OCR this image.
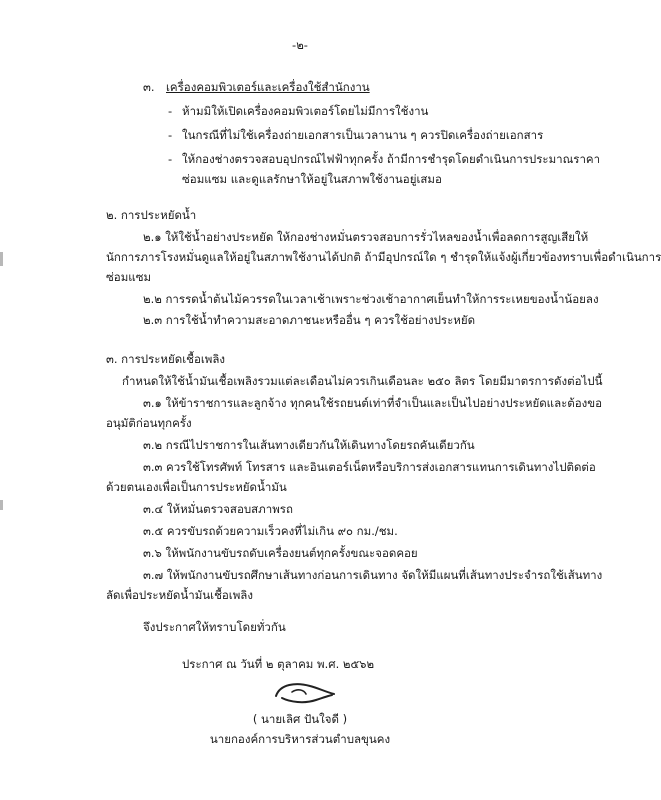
-๒-
๓. เครื่องคอมพิวเตอร์และเครื่องใช้สำนักงาน
- ห้ามมิให้เปิดเครื่องคอมพิวเตอร์โดยไม่มีการใช้งาน
- ในกรณีที่ไม่ใช้เครื่องถ่ายเอกสารเป็นเวลานาน ๆ ควรปิดเครื่องถ่ายเอกสาร
- ให้กองช่างตรวจสอบอุปกรณ์ไฟฟ้าทุกครั้ง ถ้ามีการชำรุดโดยดำเนินการประมาณราคา
ซ่อมแซม และดูแลรักษาให้อยู่ในสภาพใช้งานอยู่เสมอ
๒. การประหยัดน้ำ
๒.๑ ให้ใช้น้ำอย่างประหยัด ให้กองช่างหมั่นตรวจสอบการรั่วไหลของน้ำเพื่อลดการสูญเสียให้
นักการภารโรงหมั่นดูแลให้อยู่ในสภาพใช้งานได้ปกติ ถ้ามีอุปกรณ์ใด ๆ ชำรุดให้แจ้งผู้เกี่ยวข้องทราบเพื่อดำเนินการ
ซ่อมแซม
๒.๒ การรดน้ำต้นไม้ควรรดในเวลาเช้าเพราะช่วงเช้าอากาศเย็นทำให้การระเหยของน้ำน้อยลง
๒.๓ การใช้น้ำทำความสะอาดภาชนะหรืออื่น ๆ ควรใช้อย่างประหยัด
๓. การประหยัดเชื้อเพลิง
กำหนดให้ใช้น้ำมันเชื้อเพลิงรวมแต่ละเดือนไม่ควรเกินเดือนละ ๒๕๐ ลิตร โดยมีมาตรการดังต่อไปนี้
๓.๑ ให้ข้าราชการและลูกจ้าง ทุกคนใช้รถยนต์เท่าที่จำเป็นและเป็นไปอย่างประหยัดและต้องขอ
อนุมัติก่อนทุกครั้ง
๓.๒ กรณีไปราชการในเส้นทางเดียวกันให้เดินทางโดยรถคันเดียวกัน
๓.๓ ควรใช้โทรศัพท์ โทรสาร และอินเตอร์เน็ตหรือบริการส่งเอกสารแทนการเดินทางไปติดต่อ
ด้วยตนเองเพื่อเป็นการประหยัดน้ำมัน
๓.๔ ให้หมั่นตรวจสอบสภาพรถ
๓.๕ ควรขับรถด้วยความเร็วคงที่ไม่เกิน ๙๐ กม./ชม.
๓.๖ ให้พนักงานขับรถดับเครื่องยนต์ทุกครั้งขณะจอดคอย
๓.๗ ให้พนักงานขับรถศึกษาเส้นทางก่อนการเดินทาง จัดให้มีแผนที่เส้นทางประจำรถใช้เส้นทาง
ลัดเพื่อประหยัดน้ำมันเชื้อเพลิง
จึงประกาศให้ทราบโดยทั่วกัน
ประกาศ ณ วันที่ ๒ ตุลาคม พ.ศ. ๒๕๖๒
( นายเลิศ ปันใจดี )
นายกองค์การบริหารส่วนตำบลขุนคง
